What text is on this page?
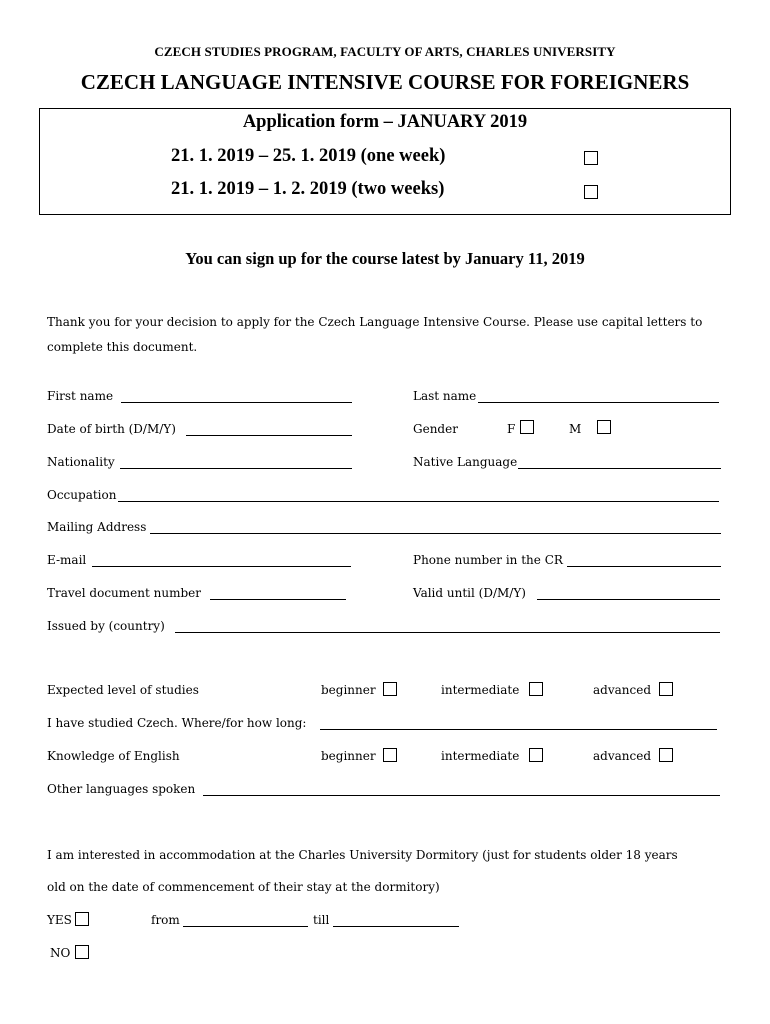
CZECH STUDIES PROGRAM, FACULTY OF ARTS, CHARLES UNIVERSITY
CZECH LANGUAGE INTENSIVE COURSE FOR FOREIGNERS
Application form – JANUARY 2019
21. 1. 2019 – 25. 1. 2019 (one week)
21. 1. 2019 – 1. 2. 2019 (two weeks)
You can sign up for the course latest by January 11, 2019
Thank you for your decision to apply for the Czech Language Intensive Course. Please use capital letters to
complete this document.
First name	Last name
Date of birth (D/M/Y)	Gender	F	M
Nationality	Native Language
Occupation
Mailing Address
E-mail	Phone number in the CR
Travel document number	Valid until (D/M/Y)
Issued by (country)
Expected level of studies	beginner	intermediate	advanced
I have studied Czech. Where/for how long:
Knowledge of English	beginner	intermediate	advanced
Other languages spoken
I am interested in accommodation at the Charles University Dormitory (just for students older 18 years
old on the date of commencement of their stay at the dormitory)
YES	from	till
NO
